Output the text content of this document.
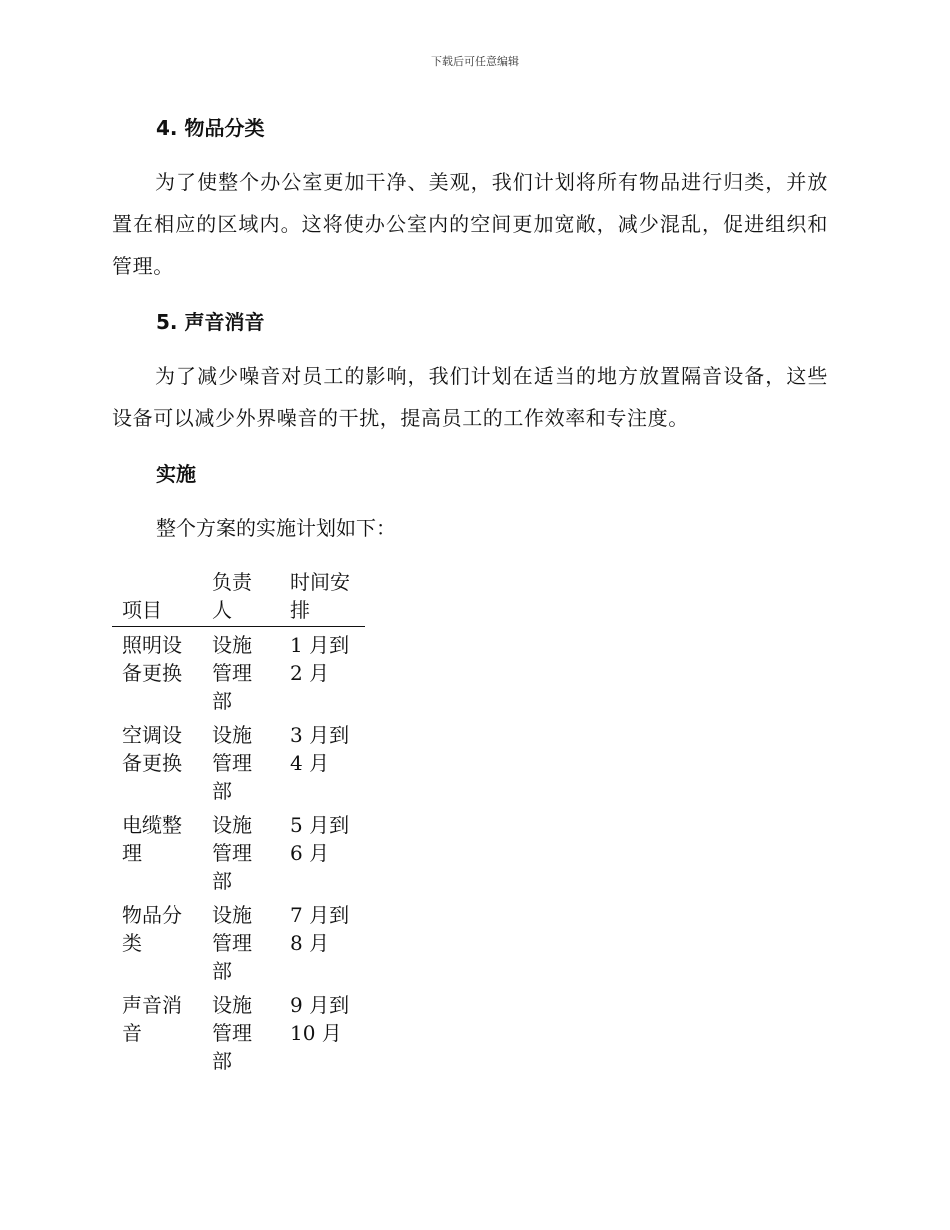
下载后可任意编辑
4. 物品分类

为了使整个办公室更加干净、美观，我们计划将所有物品进行归类，并放置在相应的区域内。这将使办公室内的空间更加宽敞，减少混乱，促进组织和管理。

5. 声音消音

为了减少噪音对员工的影响，我们计划在适当的地方放置隔音设备，这些设备可以减少外界噪音的干扰，提高员工的工作效率和专注度。

实施
整个方案的实施计划如下：
项目	负责人	时间安排

照明设备更换	设施管理部	1 月到 2 月

空调设备更换	设施管理部	3 月到 4 月

电缆整理	设施管理部	5 月到 6 月

物品分类	设施管理部	7 月到 8 月

声音消音	设施管理部	9 月到 10 月
